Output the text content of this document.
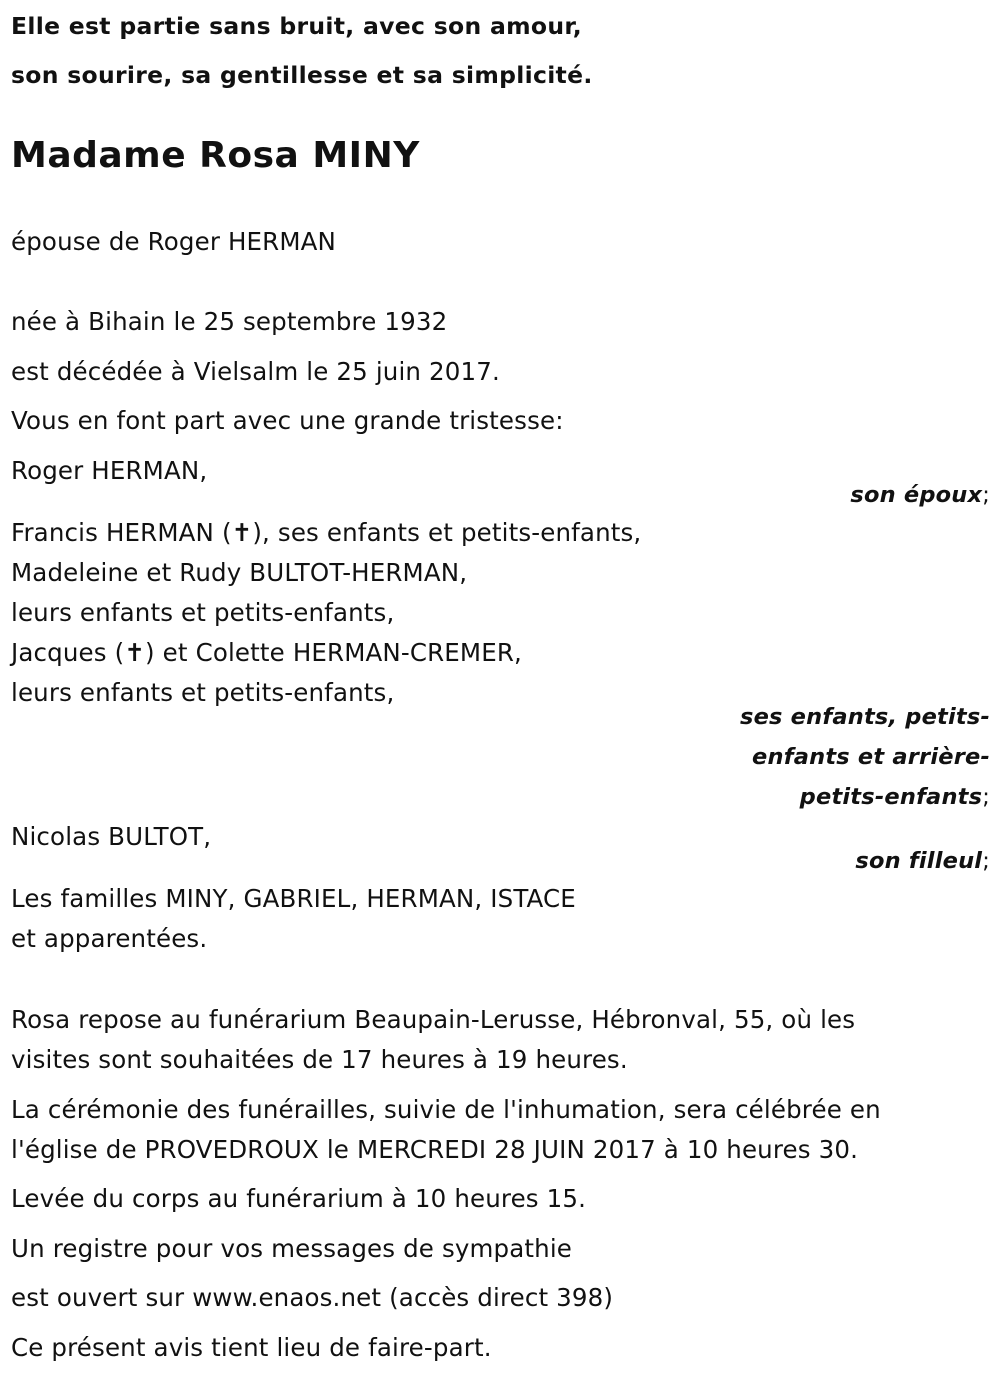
Elle est partie sans bruit, avec son amour,
son sourire, sa gentillesse et sa simplicité.
Madame Rosa MINY
épouse de Roger HERMAN
née à Bihain le 25 septembre 1932
est décédée à Vielsalm le 25 juin 2017.
Vous en font part avec une grande tristesse:
Roger HERMAN,
son époux;
Francis HERMAN (✝), ses enfants et petits-enfants,
Madeleine et Rudy BULTOT-HERMAN,
leurs enfants et petits-enfants,
Jacques (✝) et Colette HERMAN-CREMER,
leurs enfants et petits-enfants,
ses enfants, petits-
enfants et arrière-
petits-enfants;
Nicolas BULTOT,
son filleul;
Les familles MINY, GABRIEL, HERMAN, ISTACE
et apparentées.
Rosa repose au funérarium Beaupain-Lerusse, Hébronval, 55, où les
visites sont souhaitées de 17 heures à 19 heures.
La cérémonie des funérailles, suivie de l'inhumation, sera célébrée en
l'église de PROVEDROUX le MERCREDI 28 JUIN 2017 à 10 heures 30.
Levée du corps au funérarium à 10 heures 15.
Un registre pour vos messages de sympathie
est ouvert sur www.enaos.net (accès direct 398)
Ce présent avis tient lieu de faire-part.
